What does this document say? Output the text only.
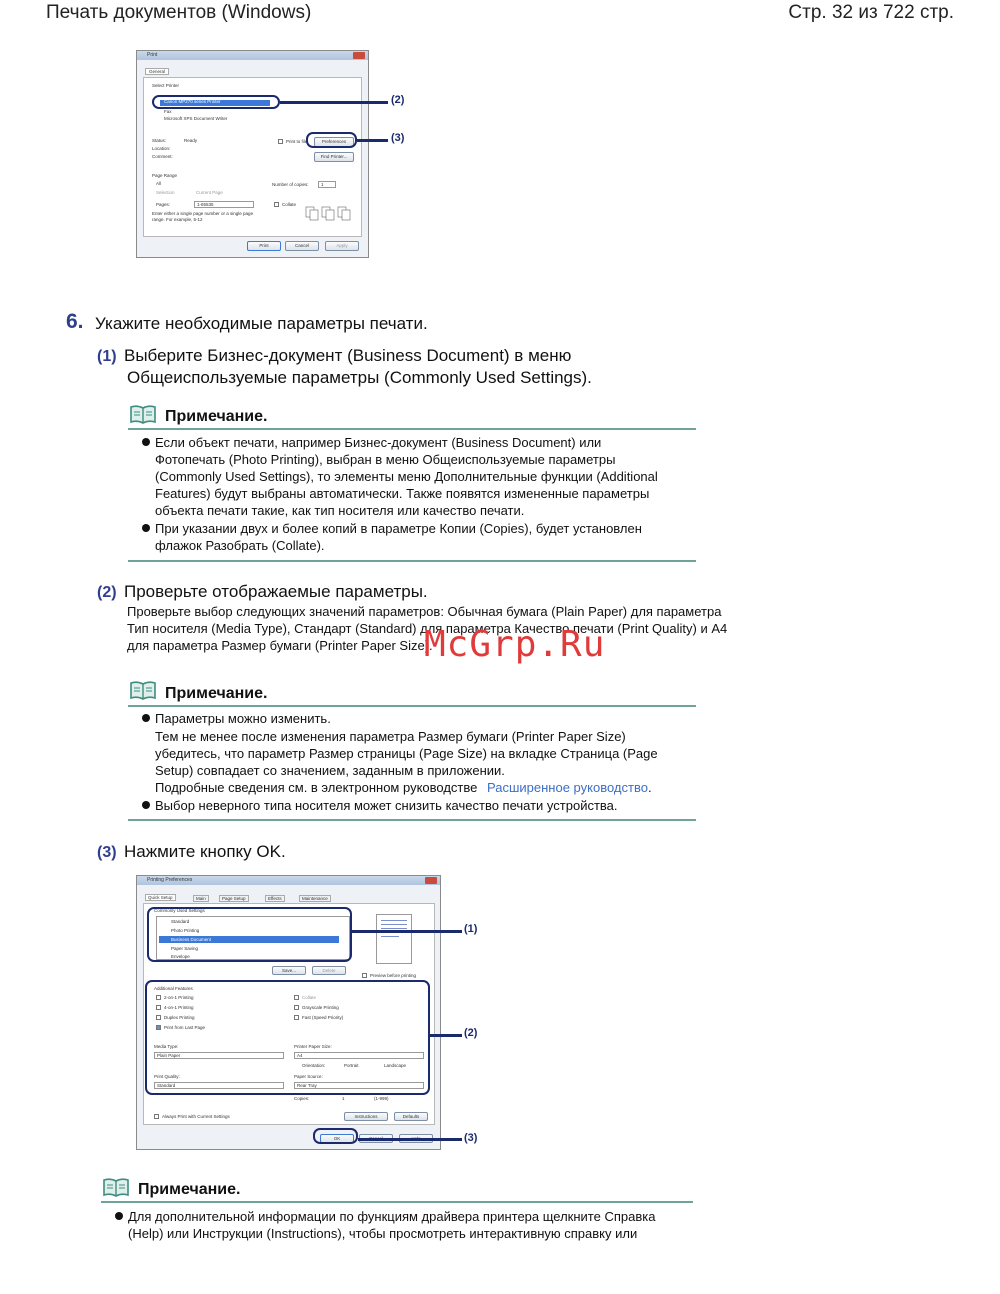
Печать документов (Windows)	Стр. 32 из 722 стр.
Print
General
Select Printer
Canon MP270 series Printer
Fax
Microsoft XPS Document Writer
Status:	Ready
Location:
Comment:
Print to file	Preferences
Find Printer...
Page Range
All
Selection	Current Page
Pages:	1-65535
Enter either a single page number or a single page range. For example, 5-12
Number of copies:	1
Collate
Print	Cancel	Apply
(2)
(3)
6. Укажите необходимые параметры печати.
(1) Выберите Бизнес-документ (Business Document) в меню
Общеиспользуемые параметры (Commonly Used Settings).
Примечание.
Если объект печати, например Бизнес-документ (Business Document) или
Фотопечать (Photo Printing), выбран в меню Общеиспользуемые параметры
(Commonly Used Settings), то элементы меню Дополнительные функции (Additional
Features) будут выбраны автоматически. Также появятся измененные параметры
объекта печати такие, как тип носителя или качество печати.
При указании двух и более копий в параметре Копии (Copies), будет установлен
флажок Разобрать (Collate).
(2) Проверьте отображаемые параметры.
Проверьте выбор следующих значений параметров: Обычная бумага (Plain Paper) для параметра
Тип носителя (Media Type), Стандарт (Standard) для параметра Качество печати (Print Quality) и A4
для параметра Размер бумаги (Printer Paper Size).
McGrp.Ru
Примечание.
Параметры можно изменить.
Тем не менее после изменения параметра Размер бумаги (Printer Paper Size)
убедитесь, что параметр Размер страницы (Page Size) на вкладке Страница (Page
Setup) совпадает со значением, заданным в приложении.
Подробные сведения см. в электронном руководстве Расширенное руководство.
Выбор неверного типа носителя может снизить качество печати устройства.
(3) Нажмите кнопку OK.
Printing Preferences
Quick Setup	Main	Page Setup	Effects	Maintenance
Commonly Used Settings
Standard
Photo Printing
Business Document
Paper Saving
Envelope
Save...	Delete
Preview before printing
Additional Features
2-on-1 Printing
4-on-1 Printing
Duplex Printing
Print from Last Page
Collate
Grayscale Printing
Fast (Speed Priority)
Media Type:
Plain Paper
Printer Paper Size:
A4
Orientation:	Portrait	Landscape
Print Quality:
Standard
Paper Source:
Rear Tray
Copies:	1	(1-999)
Always Print with Current Settings	Instructions	Defaults
OK
(1)
(2)
(3)
Примечание.
Для дополнительной информации по функциям драйвера принтера щелкните Справка
(Help) или Инструкции (Instructions), чтобы просмотреть интерактивную справку или
